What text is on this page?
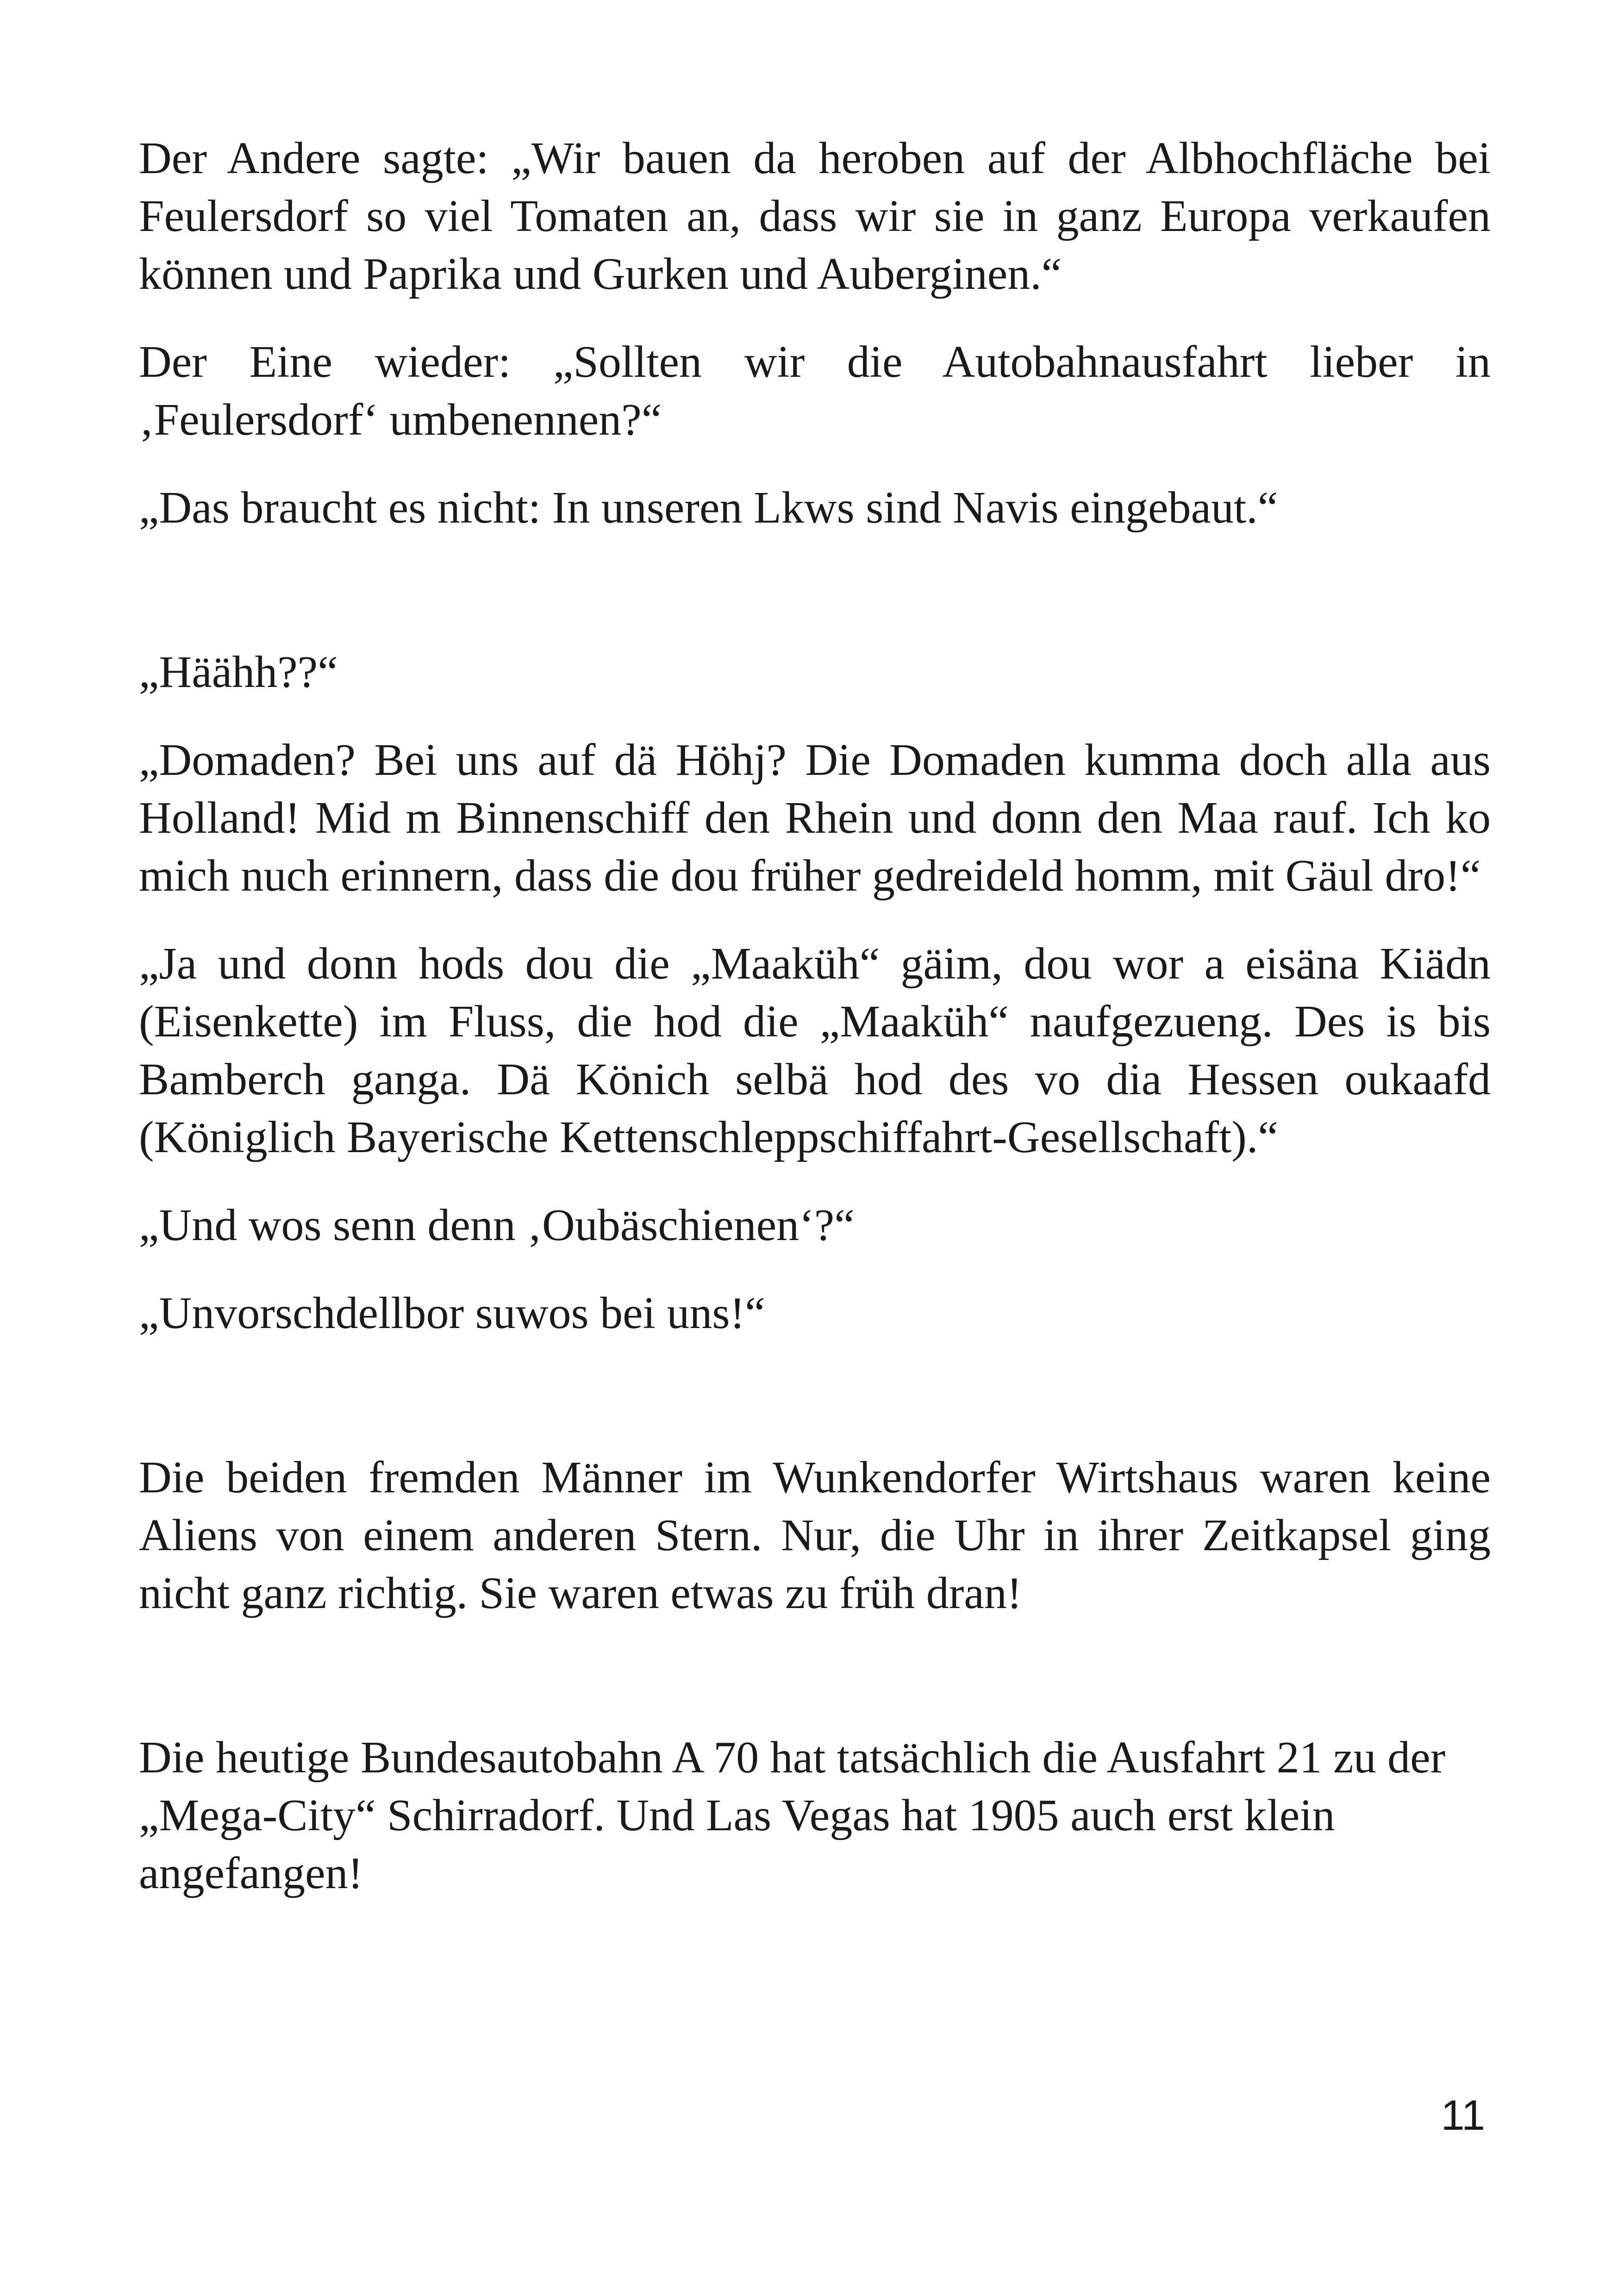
Der Andere sagte: „Wir bauen da heroben auf der Albhochfläche bei Feulersdorf so viel Tomaten an, dass wir sie in ganz Europa verkaufen können und Paprika und Gurken und Auberginen.“

Der Eine wieder: „Sollten wir die Autobahnausfahrt lieber in ‚Feulersdorf‘ umbenennen?“

„Das braucht es nicht: In unseren Lkws sind Navis eingebaut.“

„Häähh??“

„Domaden? Bei uns auf dä Höhj? Die Domaden kumma doch alla aus Holland! Mid m Binnenschiff den Rhein und donn den Maa rauf. Ich ko mich nuch erinnern, dass die dou früher gedreideld homm, mit Gäul dro!“

„Ja und donn hods dou die „Maaküh“ gäim, dou wor a eisäna Kiädn (Eisenkette) im Fluss, die hod die „Maaküh“ naufgezueng. Des is bis Bamberch ganga. Dä Könich selbä hod des vo dia Hessen oukaafd (Königlich Bayerische Kettenschleppschiffahrt-Gesellschaft).“

„Und wos senn denn ‚Oubäschienen‘?“

„Unvorschdellbor suwos bei uns!“

Die beiden fremden Männer im Wunkendorfer Wirtshaus waren keine Aliens von einem anderen Stern. Nur, die Uhr in ihrer Zeitkapsel ging nicht ganz richtig. Sie waren etwas zu früh dran!

Die heutige Bundesautobahn A 70 hat tatsächlich die Ausfahrt 21 zu der „Mega-City“ Schirradorf. Und Las Vegas hat 1905 auch erst klein angefangen!

11
